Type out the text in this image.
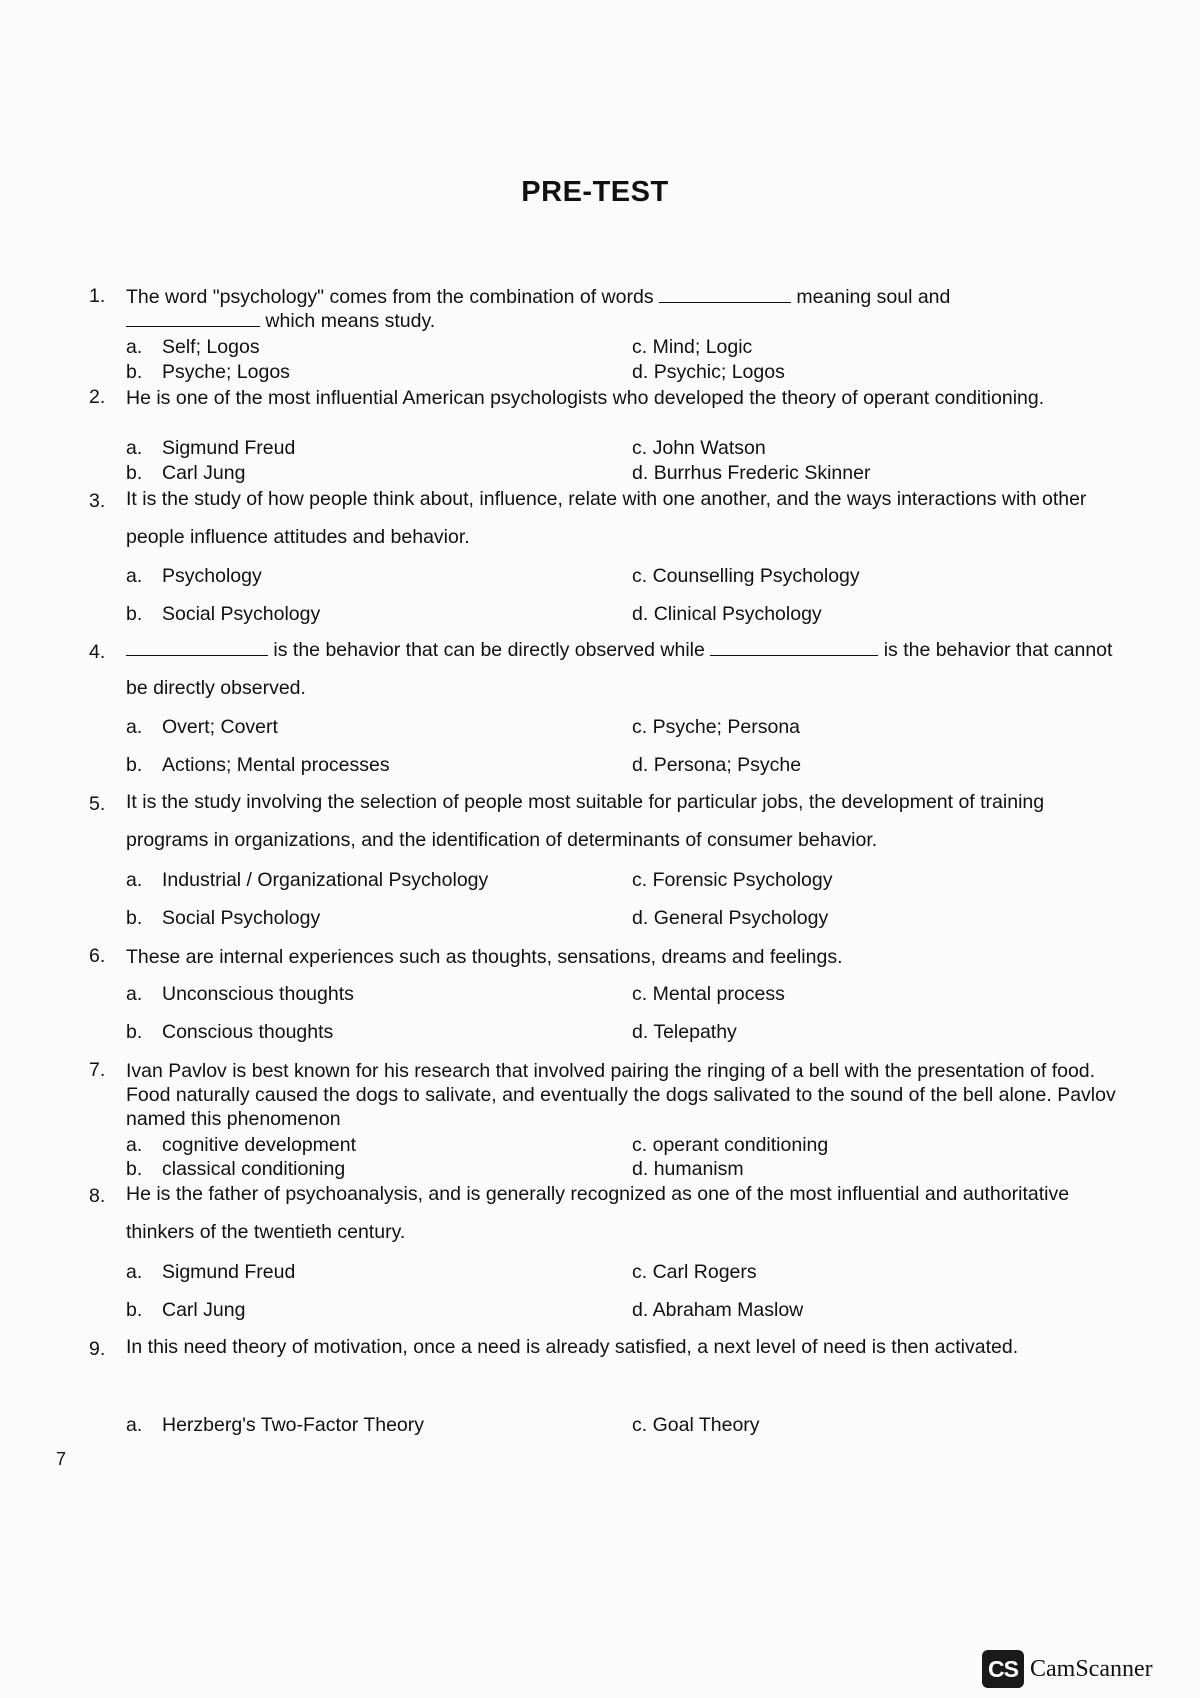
PRE-TEST
1. The word "psychology" comes from the combination of words	meaning soul and
which means study.
a. Self; Logos
b. Psyche; Logos
c. Mind; Logic
d. Psychic; Logos
2. He is one of the most influential American psychologists who developed the theory of operant conditioning.
a. Sigmund Freud
b. Carl Jung
c. John Watson
d. Burrhus Frederic Skinner
3. It is the study of how people think about, influence, relate with one another, and the ways interactions with other people influence attitudes and behavior.
a. Psychology
b. Social Psychology
c. Counselling Psychology
d. Clinical Psychology
4.	is the behavior that can be directly observed while	is the behavior that cannot be directly observed.
a. Overt; Covert
b. Actions; Mental processes
c. Psyche; Persona
d. Persona; Psyche
5. It is the study involving the selection of people most suitable for particular jobs, the development of training programs in organizations, and the identification of determinants of consumer behavior.
a. Industrial / Organizational Psychology
b. Social Psychology
c. Forensic Psychology
d. General Psychology
6. These are internal experiences such as thoughts, sensations, dreams and feelings.
a. Unconscious thoughts
b. Conscious thoughts
c. Mental process
d. Telepathy
7. Ivan Pavlov is best known for his research that involved pairing the ringing of a bell with the presentation of food. Food naturally caused the dogs to salivate, and eventually the dogs salivated to the sound of the bell alone. Pavlov named this phenomenon
a. cognitive development
b. classical conditioning
c. operant conditioning
d. humanism
8. He is the father of psychoanalysis, and is generally recognized as one of the most influential and authoritative thinkers of the twentieth century.
a. Sigmund Freud
b. Carl Jung
c. Carl Rogers
d. Abraham Maslow
9. In this need theory of motivation, once a need is already satisfied, a next level of need is then activated.
a. Herzberg's Two-Factor Theory	c. Goal Theory
7
CS CamScanner
